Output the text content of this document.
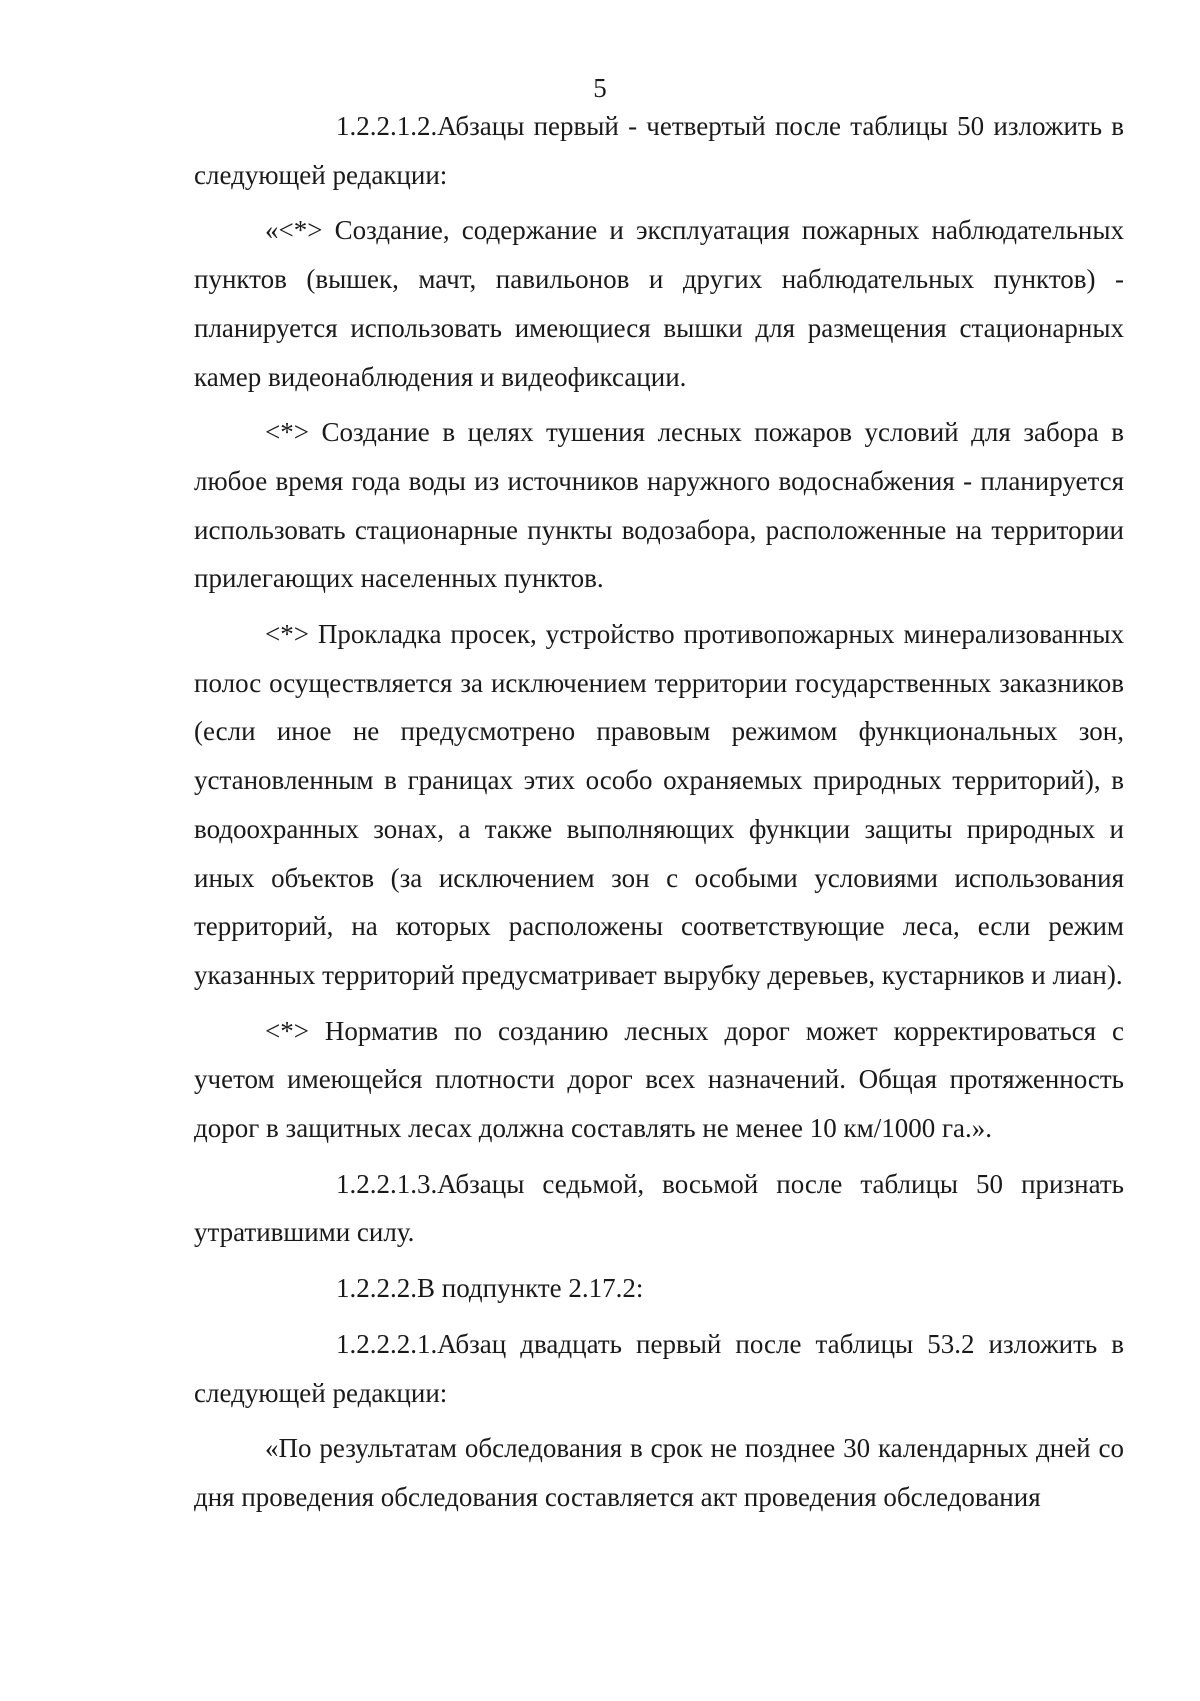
5

1.2.2.1.2.Абзацы первый - четвертый после таблицы 50 изложить в следующей редакции:

«<*> Создание, содержание и эксплуатация пожарных наблюдательных пунктов (вышек, мачт, павильонов и других наблюдательных пунктов) - планируется использовать имеющиеся вышки для размещения стационарных камер видеонаблюдения и видеофиксации.

<*> Создание в целях тушения лесных пожаров условий для забора в любое время года воды из источников наружного водоснабжения - планируется использовать стационарные пункты водозабора, расположенные на территории прилегающих населенных пунктов.

<*> Прокладка просек, устройство противопожарных минерализованных полос осуществляется за исключением территории государственных заказников (если иное не предусмотрено правовым режимом функциональных зон, установленным в границах этих особо охраняемых природных территорий), в водоохранных зонах, а также выполняющих функции защиты природных и иных объектов (за исключением зон с особыми условиями использования территорий, на которых расположены соответствующие леса, если режим указанных территорий предусматривает вырубку деревьев, кустарников и лиан).

<*> Норматив по созданию лесных дорог может корректироваться с учетом имеющейся плотности дорог всех назначений. Общая протяженность дорог в защитных лесах должна составлять не менее 10 км/1000 га.».

1.2.2.1.3.Абзацы седьмой, восьмой после таблицы 50 признать утратившими силу.

1.2.2.2.В подпункте 2.17.2:

1.2.2.2.1.Абзац двадцать первый после таблицы 53.2 изложить в следующей редакции:

«По результатам обследования в срок не позднее 30 календарных дней со дня проведения обследования составляется акт проведения обследования
